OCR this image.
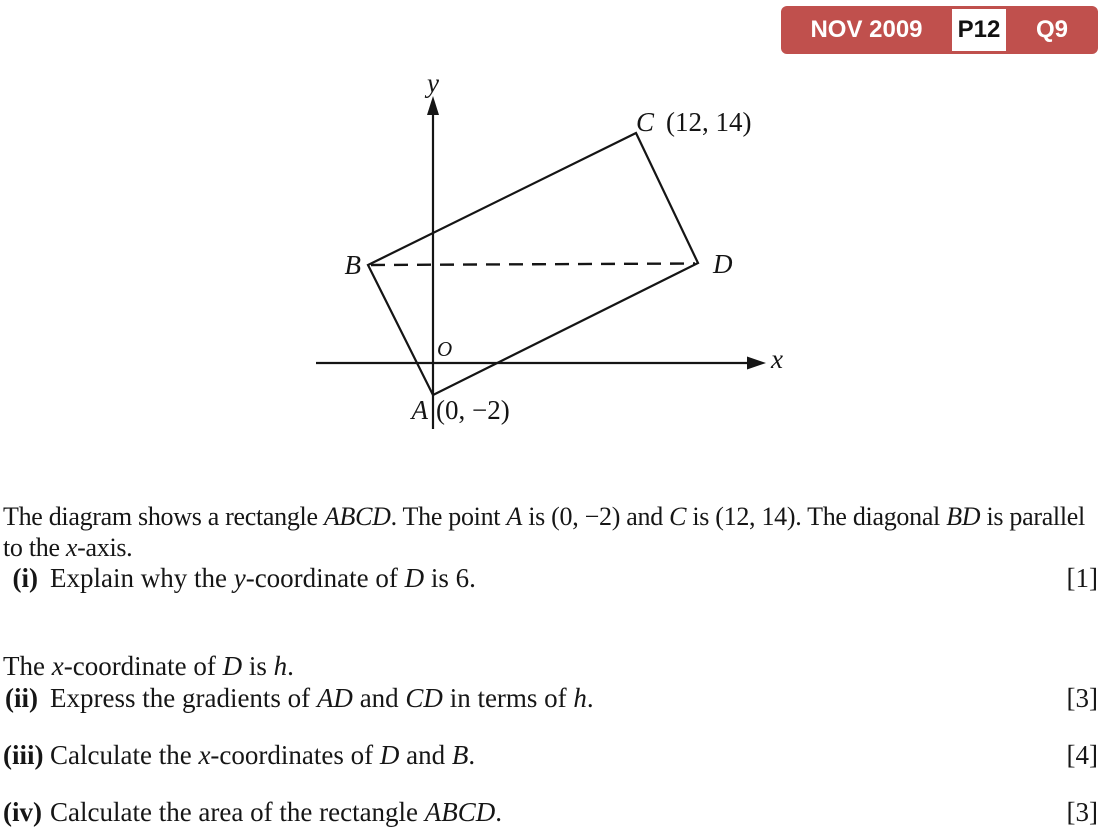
NOV 2009	P12	Q9
y
x
O
C (12, 14)
B	D
A (0, −2)

The diagram shows a rectangle ABCD. The point A is (0, −2) and C is (12, 14). The diagonal BD is parallel to the x-axis.

(i) Explain why the y-coordinate of D is 6.	[1]

The x-coordinate of D is h.

(ii) Express the gradients of AD and CD in terms of h.	[3]
(iii) Calculate the x-coordinates of D and B.	[4]
(iv) Calculate the area of the rectangle ABCD.	[3]
